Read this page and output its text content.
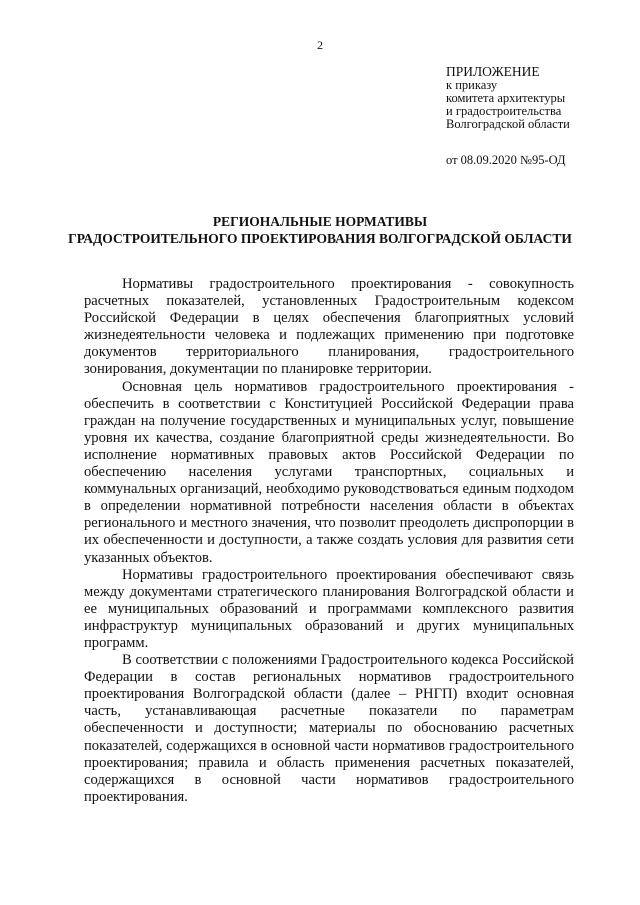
2
ПРИЛОЖЕНИЕ
к приказу
комитета архитектуры
и градостроительства
Волгоградской области
от 08.09.2020 №95-ОД
РЕГИОНАЛЬНЫЕ НОРМАТИВЫ
ГРАДОСТРОИТЕЛЬНОГО ПРОЕКТИРОВАНИЯ ВОЛГОГРАДСКОЙ ОБЛАСТИ

Нормативы градостроительного проектирования - совокупность расчетных показателей, установленных Градостроительным кодексом Российской Федерации в целях обеспечения благоприятных условий жизнедеятельности человека и подлежащих применению при подготовке документов территориального планирования, градостроительного зонирования, документации по планировке территории.

Основная цель нормативов градостроительного проектирования - обеспечить в соответствии с Конституцией Российской Федерации права граждан на получение государственных и муниципальных услуг, повышение уровня их качества, создание благоприятной среды жизнедеятельности. Во исполнение нормативных правовых актов Российской Федерации по обеспечению населения услугами транспортных, социальных и коммунальных организаций, необходимо руководствоваться единым подходом в определении нормативной потребности населения области в объектах регионального и местного значения, что позволит преодолеть диспропорции в их обеспеченности и доступности, а также создать условия для развития сети указанных объектов.

Нормативы градостроительного проектирования обеспечивают связь между документами стратегического планирования Волгоградской области и ее муниципальных образований и программами комплексного развития инфраструктур муниципальных образований и других муниципальных программ.

В соответствии с положениями Градостроительного кодекса Российской Федерации в состав региональных нормативов градостроительного проектирования Волгоградской области (далее – РНГП) входит основная часть, устанавливающая расчетные показатели по параметрам обеспеченности и доступности; материалы по обоснованию расчетных показателей, содержащихся в основной части нормативов градостроительного проектирования; правила и область применения расчетных показателей, содержащихся в основной части нормативов градостроительного проектирования.
